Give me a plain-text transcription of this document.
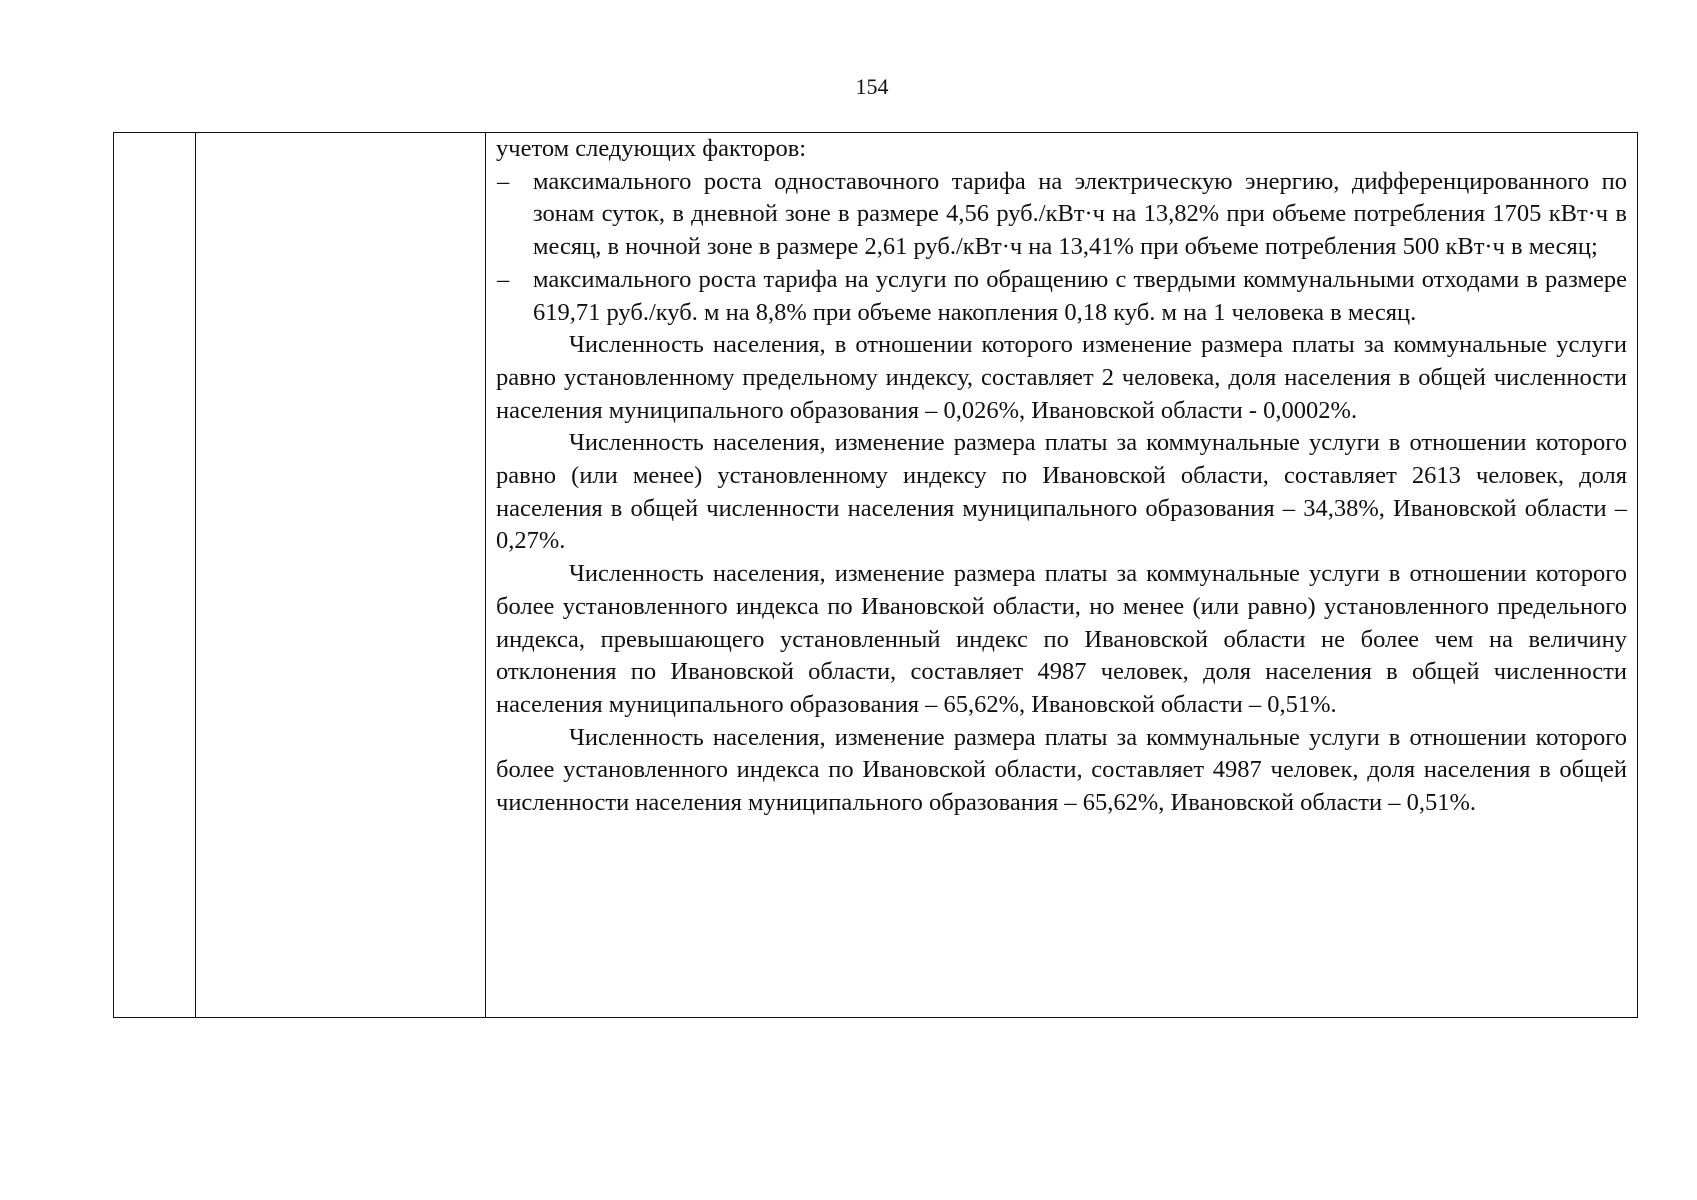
154

учетом следующих факторов:

– максимального роста одноставочного тарифа на электрическую энергию, дифференцированного по зонам суток, в дневной зоне в размере 4,56 руб./кВт·ч на 13,82% при объеме потребления 1705 кВт·ч в месяц, в ночной зоне в размере 2,61 руб./кВт·ч на 13,41% при объеме потребления 500 кВт·ч в месяц;

– максимального роста тарифа на услуги по обращению с твердыми коммунальными отходами в размере 619,71 руб./куб. м на 8,8% при объеме накопления 0,18 куб. м на 1 человека в месяц.

Численность населения, в отношении которого изменение размера платы за коммунальные услуги равно установленному предельному индексу, составляет 2 человека, доля населения в общей численности населения муниципального образования – 0,026%, Ивановской области - 0,0002%.

Численность населения, изменение размера платы за коммунальные услуги в отношении которого равно (или менее) установленному индексу по Ивановской области, составляет 2613 человек, доля населения в общей численности населения муниципального образования – 34,38%, Ивановской области – 0,27%.

Численность населения, изменение размера платы за коммунальные услуги в отношении которого более установленного индекса по Ивановской области, но менее (или равно) установленного предельного индекса, превышающего установленный индекс по Ивановской области не более чем на величину отклонения по Ивановской области, составляет 4987 человек, доля населения в общей численности населения муниципального образования – 65,62%, Ивановской области – 0,51%.

Численность населения, изменение размера платы за коммунальные услуги в отношении которого более установленного индекса по Ивановской области, составляет 4987 человек, доля населения в общей численности населения муниципального образования – 65,62%, Ивановской области – 0,51%.
